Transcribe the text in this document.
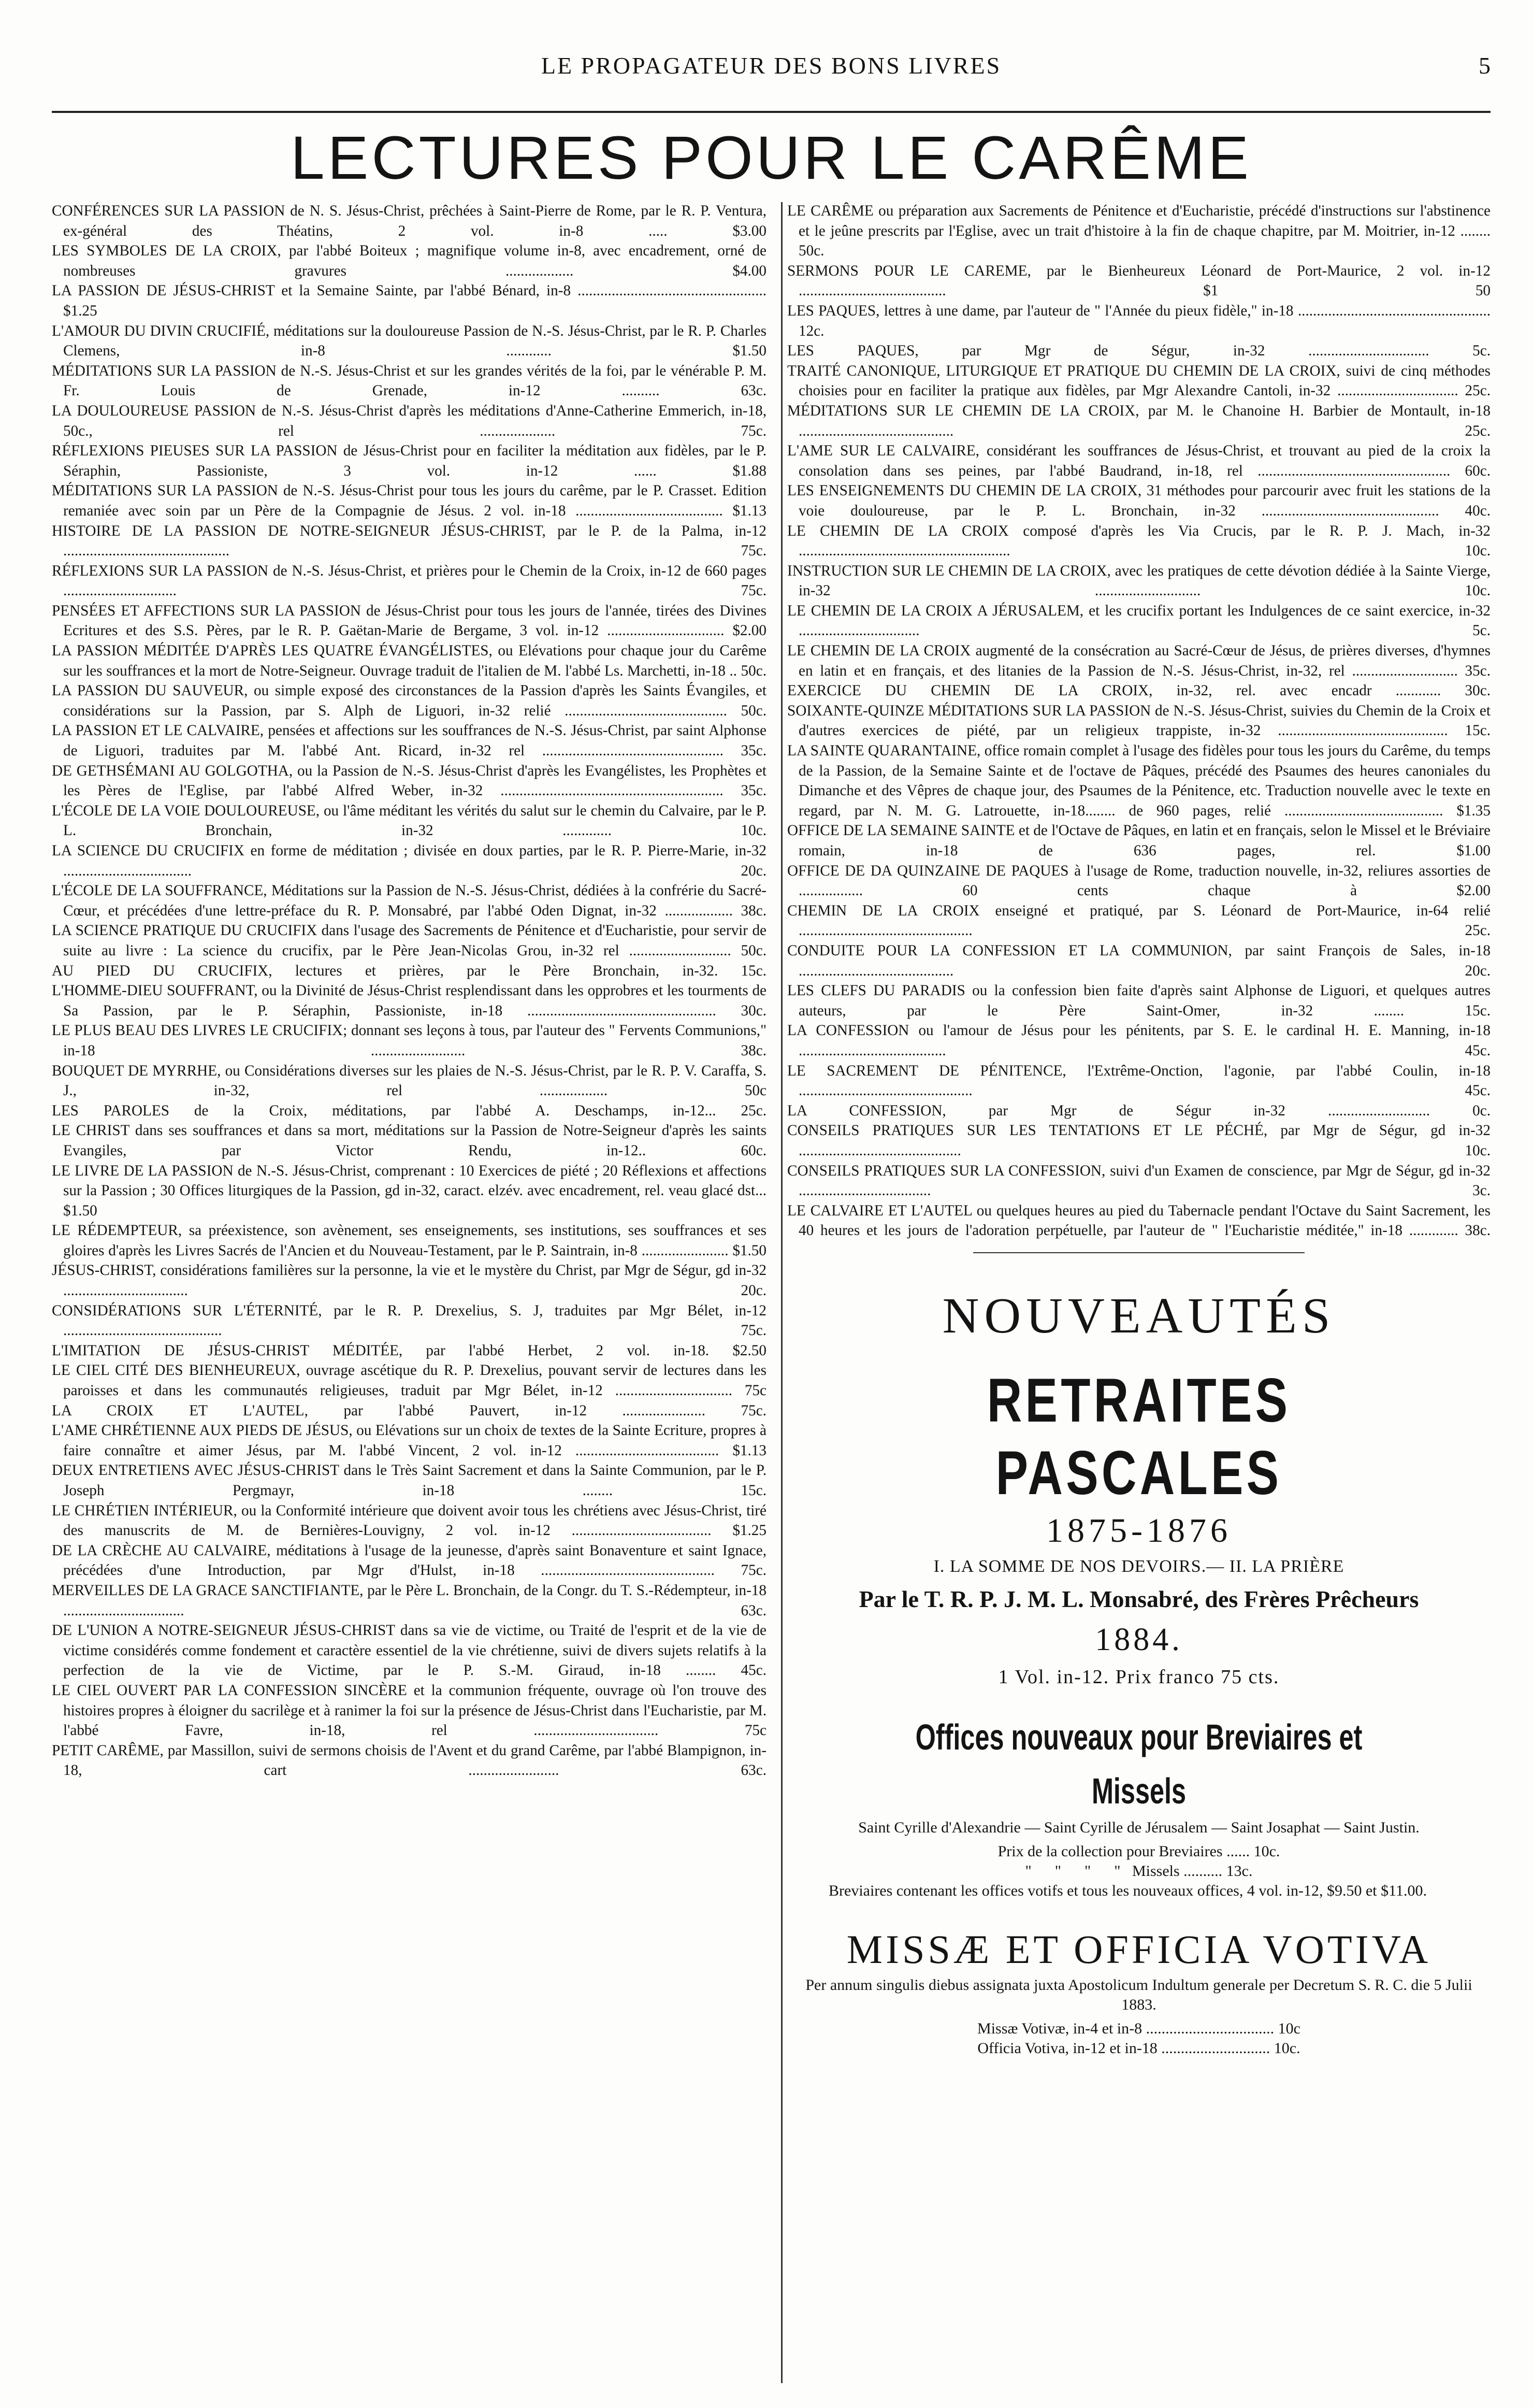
LE PROPAGATEUR DES BONS LIVRES	5
LECTURES POUR LE CARÊME

CONFÉRENCES SUR LA PASSION de N. S. Jésus-Christ, prêchées à Saint-Pierre de Rome, par le R. P. Ventura, ex-général des Théatins, 2 vol. in-8 ..... $3.00

LES SYMBOLES DE LA CROIX, par l'abbé Boiteux ; magnifique volume in-8, avec encadrement, orné de nombreuses gravures .................. $4.00

LA PASSION DE JÉSUS-CHRIST et la Semaine Sainte, par l'abbé Bénard, in-8 .................................................. $1.25

L'AMOUR DU DIVIN CRUCIFIÉ, méditations sur la douloureuse Passion de N.-S. Jésus-Christ, par le R. P. Charles Clemens, in-8 ............ $1.50

MÉDITATIONS SUR LA PASSION de N.-S. Jésus-Christ et sur les grandes vérités de la foi, par le vénérable P. M. Fr. Louis de Grenade, in-12 .......... 63c.

LA DOULOUREUSE PASSION de N.-S. Jésus-Christ d'après les méditations d'Anne-Catherine Emmerich, in-18, 50c., rel .................... 75c.

RÉFLEXIONS PIEUSES SUR LA PASSION de Jésus-Christ pour en faciliter la méditation aux fidèles, par le P. Séraphin, Passioniste, 3 vol. in-12 ...... $1.88

MÉDITATIONS SUR LA PASSION de N.-S. Jésus-Christ pour tous les jours du carême, par le P. Crasset. Edition remaniée avec soin par un Père de la Compagnie de Jésus. 2 vol. in-18 ....................................... $1.13

HISTOIRE DE LA PASSION DE NOTRE-SEIGNEUR JÉSUS-CHRIST, par le P. de la Palma, in-12 ............................................ 75c.

RÉFLEXIONS SUR LA PASSION de N.-S. Jésus-Christ, et prières pour le Chemin de la Croix, in-12 de 660 pages .............................. 75c.

PENSÉES ET AFFECTIONS SUR LA PASSION de Jésus-Christ pour tous les jours de l'année, tirées des Divines Ecritures et des S.S. Pères, par le R. P. Gaëtan-Marie de Bergame, 3 vol. in-12 ............................... $2.00

LA PASSION MÉDITÉE D'APRÈS LES QUATRE ÉVANGÉLISTES, ou Elévations pour chaque jour du Carême sur les souffrances et la mort de Notre-Seigneur. Ouvrage traduit de l'italien de M. l'abbé Ls. Marchetti, in-18 .. 50c.

LA PASSION DU SAUVEUR, ou simple exposé des circonstances de la Passion d'après les Saints Évangiles, et considérations sur la Passion, par S. Alph de Liguori, in-32 relié ........................................... 50c.

LA PASSION ET LE CALVAIRE, pensées et affections sur les souffrances de N.-S. Jésus-Christ, par saint Alphonse de Liguori, traduites par M. l'abbé Ant. Ricard, in-32 rel ................................................ 35c.

DE GETHSÉMANI AU GOLGOTHA, ou la Passion de N.-S. Jésus-Christ d'après les Evangélistes, les Prophètes et les Pères de l'Eglise, par l'abbé Alfred Weber, in-32 ........................................................... 35c.

L'ÉCOLE DE LA VOIE DOULOUREUSE, ou l'âme méditant les vérités du salut sur le chemin du Calvaire, par le P. L. Bronchain, in-32 ............. 10c.

LA SCIENCE DU CRUCIFIX en forme de méditation ; divisée en doux parties, par le R. P. Pierre-Marie, in-32 .................................. 20c.

L'ÉCOLE DE LA SOUFFRANCE, Méditations sur la Passion de N.-S. Jésus-Christ, dédiées à la confrérie du Sacré-Cœur, et précédées d'une lettre-préface du R. P. Monsabré, par l'abbé Oden Dignat, in-32 .................. 38c.

LA SCIENCE PRATIQUE DU CRUCIFIX dans l'usage des Sacrements de Pénitence et d'Eucharistie, pour servir de suite au livre : La science du crucifix, par le Père Jean-Nicolas Grou, in-32 rel ........................... 50c.

AU PIED DU CRUCIFIX, lectures et prières, par le Père Bronchain, in-32. 15c.

L'HOMME-DIEU SOUFFRANT, ou la Divinité de Jésus-Christ resplendissant dans les opprobres et les tourments de Sa Passion, par le P. Séraphin, Passioniste, in-18 .................................................. 30c.

LE PLUS BEAU DES LIVRES LE CRUCIFIX; donnant ses leçons à tous, par l'auteur des " Fervents Communions," in-18 ......................... 38c.

BOUQUET DE MYRRHE, ou Considérations diverses sur les plaies de N.-S. Jésus-Christ, par le R. P. V. Caraffa, S. J., in-32, rel .................. 50c

LES PAROLES de la Croix, méditations, par l'abbé A. Deschamps, in-12... 25c.

LE CHRIST dans ses souffrances et dans sa mort, méditations sur la Passion de Notre-Seigneur d'après les saints Evangiles, par Victor Rendu, in-12.. 60c.

LE LIVRE DE LA PASSION de N.-S. Jésus-Christ, comprenant : 10 Exercices de piété ; 20 Réflexions et affections sur la Passion ; 30 Offices liturgiques de la Passion, gd in-32, caract. elzév. avec encadrement, rel. veau glacé dst... $1.50

LE RÉDEMPTEUR, sa préexistence, son avènement, ses enseignements, ses institutions, ses souffrances et ses gloires d'après les Livres Sacrés de l'Ancien et du Nouveau-Testament, par le P. Saintrain, in-8 ....................... $1.50

JÉSUS-CHRIST, considérations familières sur la personne, la vie et le mystère du Christ, par Mgr de Ségur, gd in-32 ................................. 20c.

CONSIDÉRATIONS SUR L'ÉTERNITÉ, par le R. P. Drexelius, S. J, traduites par Mgr Bélet, in-12 .......................................... 75c.

L'IMITATION DE JÉSUS-CHRIST MÉDITÉE, par l'abbé Herbet, 2 vol. in-18. $2.50

LE CIEL CITÉ DES BIENHEUREUX, ouvrage ascétique du R. P. Drexelius, pouvant servir de lectures dans les paroisses et dans les communautés religieuses, traduit par Mgr Bélet, in-12 ............................... 75c

LA CROIX ET L'AUTEL, par l'abbé Pauvert, in-12 ...................... 75c.

L'AME CHRÉTIENNE AUX PIEDS DE JÉSUS, ou Elévations sur un choix de textes de la Sainte Ecriture, propres à faire connaître et aimer Jésus, par M. l'abbé Vincent, 2 vol. in-12 ...................................... $1.13

DEUX ENTRETIENS AVEC JÉSUS-CHRIST dans le Très Saint Sacrement et dans la Sainte Communion, par le P. Joseph Pergmayr, in-18 ........ 15c.

LE CHRÉTIEN INTÉRIEUR, ou la Conformité intérieure que doivent avoir tous les chrétiens avec Jésus-Christ, tiré des manuscrits de M. de Bernières-Louvigny, 2 vol. in-12 ..................................... $1.25

DE LA CRÈCHE AU CALVAIRE, méditations à l'usage de la jeunesse, d'après saint Bonaventure et saint Ignace, précédées d'une Introduction, par Mgr d'Hulst, in-18 .............................................. 75c.

MERVEILLES DE LA GRACE SANCTIFIANTE, par le Père L. Bronchain, de la Congr. du T. S.-Rédempteur, in-18 ................................ 63c.

DE L'UNION A NOTRE-SEIGNEUR JÉSUS-CHRIST dans sa vie de victime, ou Traité de l'esprit et de la vie de victime considérés comme fondement et caractère essentiel de la vie chrétienne, suivi de divers sujets relatifs à la perfection de la vie de Victime, par le P. S.-M. Giraud, in-18 ........ 45c.

LE CIEL OUVERT PAR LA CONFESSION SINCÈRE et la communion fréquente, ouvrage où l'on trouve des histoires propres à éloigner du sacrilège et à ranimer la foi sur la présence de Jésus-Christ dans l'Eucharistie, par M. l'abbé Favre, in-18, rel ................................. 75c

PETIT CARÊME, par Massillon, suivi de sermons choisis de l'Avent et du grand Carême, par l'abbé Blampignon, in-18, cart ........................ 63c.

LE CARÊME ou préparation aux Sacrements de Pénitence et d'Eucharistie, précédé d'instructions sur l'abstinence et le jeûne prescrits par l'Eglise, avec un trait d'histoire à la fin de chaque chapitre, par M. Moitrier, in-12 ........ 50c.

SERMONS POUR LE CAREME, par le Bienheureux Léonard de Port-Maurice, 2 vol. in-12 ....................................... $1 50

LES PAQUES, lettres à une dame, par l'auteur de " l'Année du pieux fidèle," in-18 ................................................... 12c.

LES PAQUES, par Mgr de Ségur, in-32 ................................ 5c.

TRAITÉ CANONIQUE, LITURGIQUE ET PRATIQUE DU CHEMIN DE LA CROIX, suivi de cinq méthodes choisies pour en faciliter la pratique aux fidèles, par Mgr Alexandre Cantoli, in-32 ................................ 25c.

MÉDITATIONS SUR LE CHEMIN DE LA CROIX, par M. le Chanoine H. Barbier de Montault, in-18 ......................................... 25c.

L'AME SUR LE CALVAIRE, considérant les souffrances de Jésus-Christ, et trouvant au pied de la croix la consolation dans ses peines, par l'abbé Baudrand, in-18, rel ................................................... 60c.

LES ENSEIGNEMENTS DU CHEMIN DE LA CROIX, 31 méthodes pour parcourir avec fruit les stations de la voie douloureuse, par le P. L. Bronchain, in-32 ............................................... 40c.

LE CHEMIN DE LA CROIX composé d'après les Via Crucis, par le R. P. J. Mach, in-32 ........................................................ 10c.

INSTRUCTION SUR LE CHEMIN DE LA CROIX, avec les pratiques de cette dévotion dédiée à la Sainte Vierge, in-32 ............................ 10c.

LE CHEMIN DE LA CROIX A JÉRUSALEM, et les crucifix portant les Indulgences de ce saint exercice, in-32 ................................ 5c.

LE CHEMIN DE LA CROIX augmenté de la consécration au Sacré-Cœur de Jésus, de prières diverses, d'hymnes en latin et en français, et des litanies de la Passion de N.-S. Jésus-Christ, in-32, rel ............................ 35c.

EXERCICE DU CHEMIN DE LA CROIX, in-32, rel. avec encadr ............ 30c.

SOIXANTE-QUINZE MÉDITATIONS SUR LA PASSION de N.-S. Jésus-Christ, suivies du Chemin de la Croix et d'autres exercices de piété, par un religieux trappiste, in-32 ............................................. 15c.

LA SAINTE QUARANTAINE, office romain complet à l'usage des fidèles pour tous les jours du Carême, du temps de la Passion, de la Semaine Sainte et de l'octave de Pâques, précédé des Psaumes des heures canoniales du Dimanche et des Vêpres de chaque jour, des Psaumes de la Pénitence, etc. Traduction nouvelle avec le texte en regard, par N. M. G. Latrouette, in-18........ de 960 pages, relié .......................................... $1.35

OFFICE DE LA SEMAINE SAINTE et de l'Octave de Pâques, en latin et en français, selon le Missel et le Bréviaire romain, in-18 de 636 pages, rel. $1.00

OFFICE DE DA QUINZAINE DE PAQUES à l'usage de Rome, traduction nouvelle, in-32, reliures assorties de ................. 60 cents chaque à $2.00

CHEMIN DE LA CROIX enseigné et pratiqué, par S. Léonard de Port-Maurice, in-64 relié .............................................. 25c.

CONDUITE POUR LA CONFESSION ET LA COMMUNION, par saint François de Sales, in-18 ......................................... 20c.

LES CLEFS DU PARADIS ou la confession bien faite d'après saint Alphonse de Liguori, et quelques autres auteurs, par le Père Saint-Omer, in-32 ........ 15c.

LA CONFESSION ou l'amour de Jésus pour les pénitents, par S. E. le cardinal H. E. Manning, in-18 ....................................... 45c.

LE SACREMENT DE PÉNITENCE, l'Extrême-Onction, l'agonie, par l'abbé Coulin, in-18 .............................................. 45c.

LA CONFESSION, par Mgr de Ségur in-32 ........................... 0c.

CONSEILS PRATIQUES SUR LES TENTATIONS ET LE PÉCHÉ, par Mgr de Ségur, gd in-32 ........................................... 10c.

CONSEILS PRATIQUES SUR LA CONFESSION, suivi d'un Examen de conscience, par Mgr de Ségur, gd in-32 ................................... 3c.

LE CALVAIRE ET L'AUTEL ou quelques heures au pied du Tabernacle pendant l'Octave du Saint Sacrement, les 40 heures et les jours de l'adoration perpétuelle, par l'auteur de " l'Eucharistie méditée," in-18 ............. 38c.

NOUVEAUTÉS
RETRAITES PASCALES
1875-1876
I. LA SOMME DE NOS DEVOIRS.— II. LA PRIÈRE
Par le T. R. P. J. M. L. Monsabré, des Frères Prêcheurs
1884.
1 Vol. in-12. Prix franco 75 cts.
Offices nouveaux pour Breviaires et Missels

Saint Cyrille d'Alexandrie — Saint Cyrille de Jérusalem — Saint Josaphat — Saint Justin.

Prix de la collection pour Breviaires ...... 10c.

"      "      "      "   Missels .......... 13c.

Breviaires contenant les offices votifs et tous les nouveaux offices, 4 vol. in-12, $9.50 et $11.00.

MISSÆ ET OFFICIA VOTIVA

Per annum singulis diebus assignata juxta Apostolicum Indultum generale per Decretum S. R. C. die 5 Julii 1883.

Missæ Votivæ, in-4 et in-8 ................................. 10c

Officia Votiva, in-12 et in-18 ............................ 10c.
